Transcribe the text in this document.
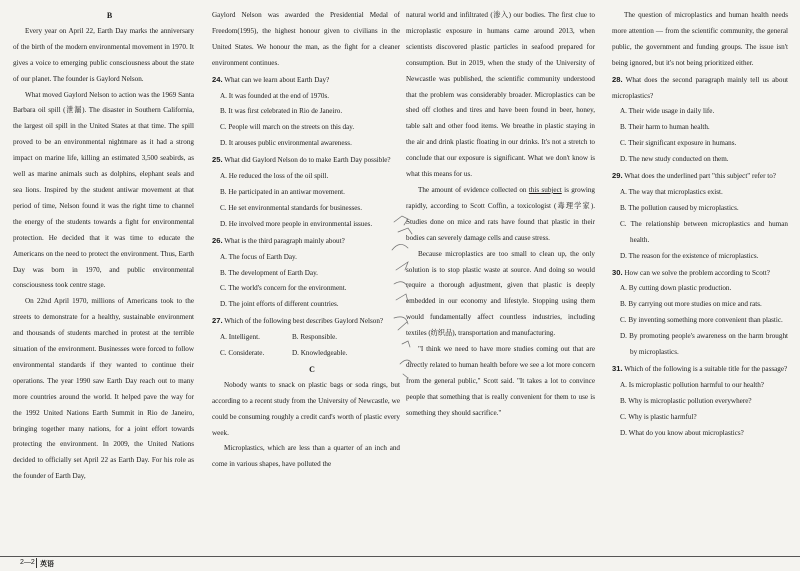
B

Every year on April 22, Earth Day marks the anniversary of the birth of the modern environmental movement in 1970. It gives a voice to emerging public consciousness about the state of our planet. The founder is Gaylord Nelson.

What moved Gaylord Nelson to action was the 1969 Santa Barbara oil spill (泄漏). The disaster in Southern California, the largest oil spill in the United States at that time. The spill proved to be an environmental nightmare as it had a strong impact on marine life, killing an estimated 3,500 seabirds, as well as marine animals such as dolphins, elephant seals and sea lions. Inspired by the student antiwar movement at that period of time, Nelson found it was the right time to channel the energy of the students towards a fight for environmental protection. He decided that it was time to educate the Americans on the need to protect the environment. Thus, Earth Day was born in 1970, and public environmental consciousness took centre stage.

On 22nd April 1970, millions of Americans took to the streets to demonstrate for a healthy, sustainable environment and thousands of students marched in protest at the terrible situation of the environment. Businesses were forced to follow environmental standards if they wanted to continue their operations. The year 1990 saw Earth Day reach out to many more countries around the world. It helped pave the way for the 1992 United Nations Earth Summit in Rio de Janeiro, bringing together many nations, for a joint effort towards protecting the environment. In 2009, the United Nations decided to officially set April 22 as Earth Day. For his role as the founder of Earth Day,

Gaylord Nelson was awarded the Presidential Medal of Freedom(1995), the highest honour given to civilians in the United States. We honour the man, as the fight for a cleaner environment continues.

24. What can we learn about Earth Day?
A. It was founded at the end of 1970s.
B. It was first celebrated in Rio de Janeiro.
C. People will march on the streets on this day.
D. It arouses public environmental awareness.
25. What did Gaylord Nelson do to make Earth Day possible?
A. He reduced the loss of the oil spill.
B. He participated in an antiwar movement.
C. He set environmental standards for businesses.
D. He involved more people in environmental issues.
26. What is the third paragraph mainly about?
A. The focus of Earth Day.
B. The development of Earth Day.
C. The world's concern for the environment.
D. The joint efforts of different countries.
27. Which of the following best describes Gaylord Nelson?
A. Intelligent.	B. Responsible.
C. Considerate.	D. Knowledgeable.

C

Nobody wants to snack on plastic bags or soda rings, but according to a recent study from the University of Newcastle, we could be consuming roughly a credit card's worth of plastic every week.

Microplastics, which are less than a quarter of an inch and come in various shapes, have polluted the

natural world and infiltrated (渗入) our bodies. The first clue to microplastic exposure in humans came around 2013, when scientists discovered plastic particles in seafood prepared for consumption. But in 2019, when the study of the University of Newcastle was published, the scientific community understood that the problem was considerably broader. Microplastics can be shed off clothes and tires and have been found in beer, honey, table salt and other food items. We breathe in plastic staying in the air and drink plastic floating in our drinks. It's not a stretch to conclude that our exposure is significant. What we don't know is what this means for us.

The amount of evidence collected on this subject is growing rapidly, according to Scott Coffin, a toxicologist (毒理学家). Studies done on mice and rats have found that plastic in their bodies can severely damage cells and cause stress.

Because microplastics are too small to clean up, the only solution is to stop plastic waste at source. And doing so would require a thorough adjustment, given that plastic is deeply embedded in our economy and lifestyle. Stopping using them would fundamentally affect countless industries, including textiles (纺织品), transportation and manufacturing.

"I think we need to have more studies coming out that are directly related to human health before we see a lot more concern from the general public," Scott said. "It takes a lot to convince people that something that is really convenient for them to use is something they should sacrifice."

The question of microplastics and human health needs more attention — from the scientific community, the general public, the government and funding groups. The issue isn't being ignored, but it's not being prioritized either.

28. What does the second paragraph mainly tell us about microplastics?
A. Their wide usage in daily life.
B. Their harm to human health.
C. Their significant exposure in humans.
D. The new study conducted on them.
29. What does the underlined part "this subject" refer to?
A. The way that microplastics exist.
B. The pollution caused by microplastics.
C. The relationship between microplastics and human health.
D. The reason for the existence of microplastics.
30. How can we solve the problem according to Scott?
A. By cutting down plastic production.
B. By carrying out more studies on mice and rats.
C. By inventing something more convenient than plastic.
D. By promoting people's awareness on the harm brought by microplastics.
31. Which of the following is a suitable title for the passage?
A. Is microplastic pollution harmful to our health?
B. Why is microplastic pollution everywhere?
C. Why is plastic harmful?
D. What do you know about microplastics?
2—2 英语
